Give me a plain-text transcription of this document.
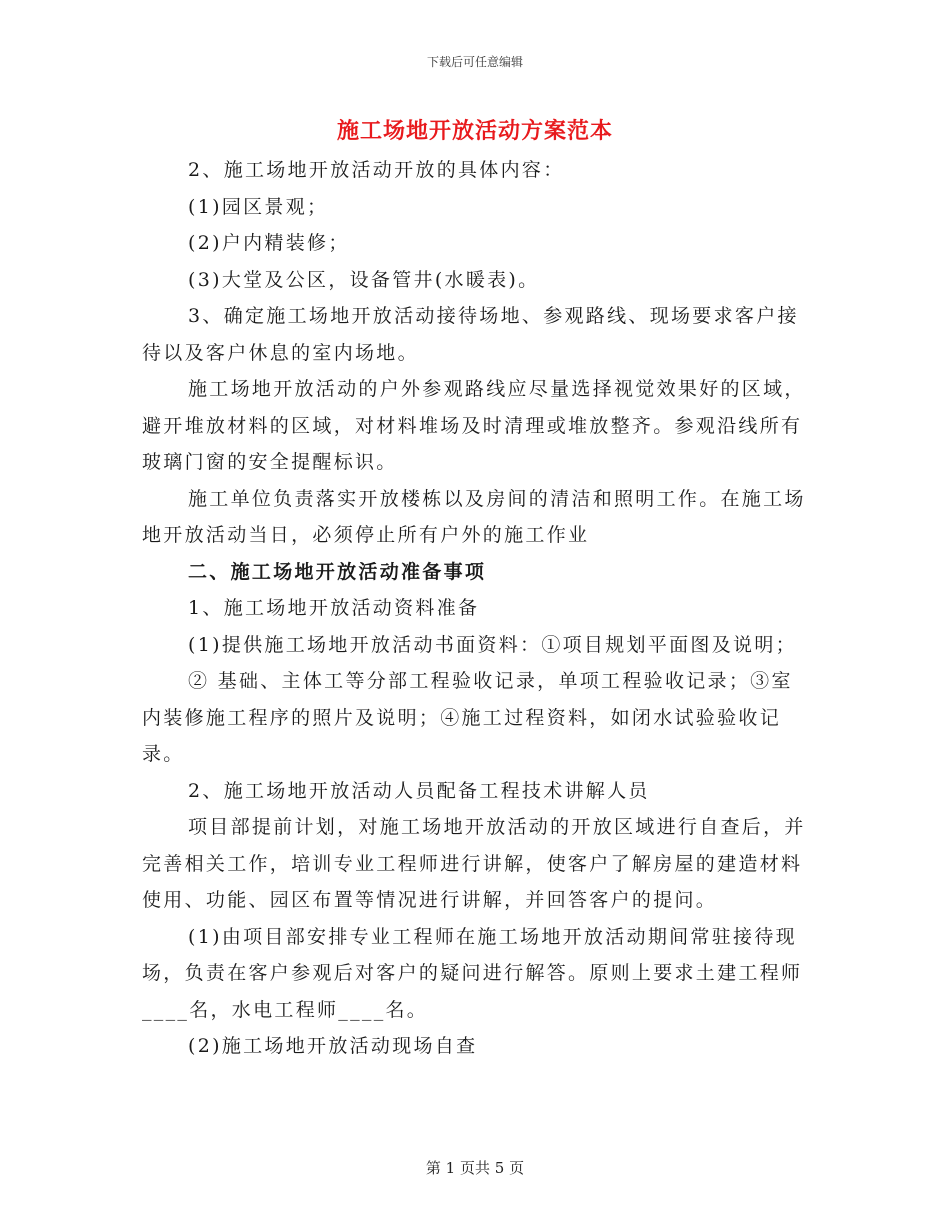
下载后可任意编辑
施工场地开放活动方案范本

2、施工场地开放活动开放的具体内容：

(1)园区景观；

(2)户内精装修；

(3)大堂及公区，设备管井(水暖表)。

3、确定施工场地开放活动接待场地、参观路线、现场要求客户接待以及客户休息的室内场地。

施工场地开放活动的户外参观路线应尽量选择视觉效果好的区域，避开堆放材料的区域，对材料堆场及时清理或堆放整齐。参观沿线所有玻璃门窗的安全提醒标识。

施工单位负责落实开放楼栋以及房间的清洁和照明工作。在施工场地开放活动当日，必须停止所有户外的施工作业

二、施工场地开放活动准备事项

1、施工场地开放活动资料准备

(1)提供施工场地开放活动书面资料：①项目规划平面图及说明；

② 基础、主体工等分部工程验收记录，单项工程验收记录；③室内装修施工程序的照片及说明；④施工过程资料，如闭水试验验收记录。

2、施工场地开放活动人员配备工程技术讲解人员

项目部提前计划，对施工场地开放活动的开放区域进行自查后，并完善相关工作，培训专业工程师进行讲解，使客户了解房屋的建造材料使用、功能、园区布置等情况进行讲解，并回答客户的提问。

(1)由项目部安排专业工程师在施工场地开放活动期间常驻接待现场，负责在客户参观后对客户的疑问进行解答。原则上要求土建工程师____名，水电工程师____名。

(2)施工场地开放活动现场自查

第 1 页共 5 页
